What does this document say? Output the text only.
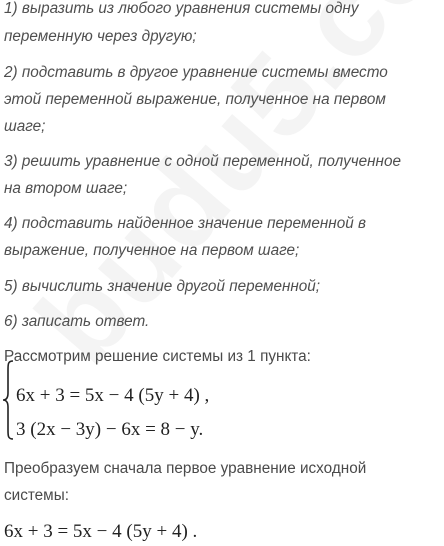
1) выразить из любого уравнения системы одну
переменную через другую;
2) подставить в другое уравнение системы вместо
этой переменной выражение, полученное на первом
шаге;
3) решить уравнение с одной переменной, полученное
на втором шаге;
4) подставить найденное значение переменной в
выражение, полученное на первом шаге;
5) вычислить значение другой переменной;
6) записать ответ.
Рассмотрим решение системы из 1 пункта:
6x + 3 = 5x − 4 (5y + 4) ,
3 (2x − 3y) − 6x = 8 − y.
Преобразуем сначала первое уравнение исходной
системы:
6x + 3 = 5x − 4 (5y + 4) .
